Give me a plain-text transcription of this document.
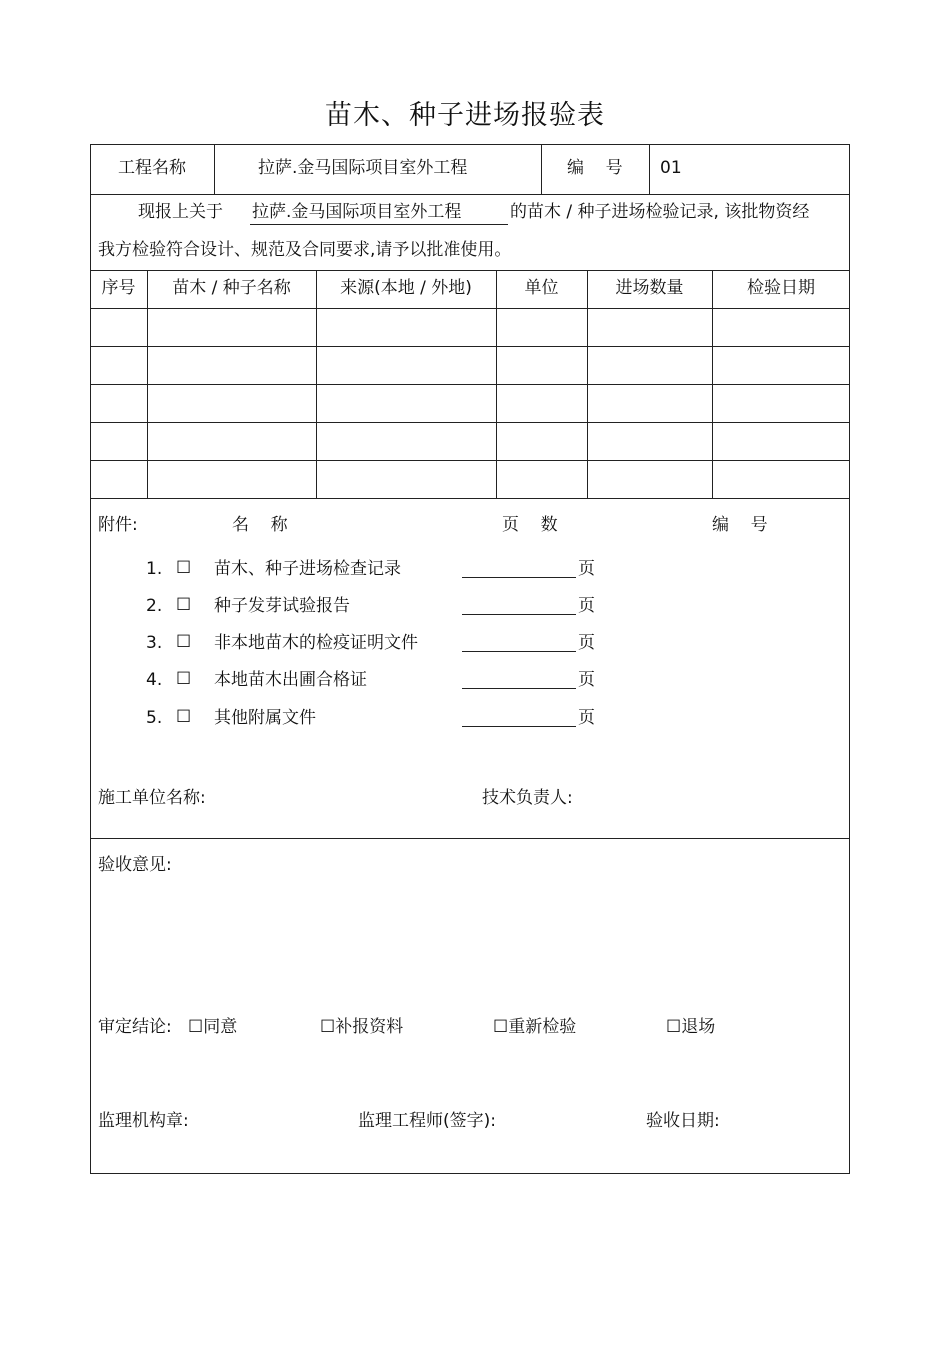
苗木、种子进场报验表
工程名称	拉萨.金马国际项目室外工程	编    号 01
现报上关于 拉萨.金马国际项目室外工程	的苗木 / 种子进场检验记录, 该批物资经
我方检验符合设计、规范及合同要求,请予以批准使用。
序号	苗木 / 种子名称	来源(本地 / 外地)	单位	进场数量	检验日期
附件:	名    称	页    数	编    号
1. ☐ 苗木、种子进场检查记录	页
2. ☐ 种子发芽试验报告	页
3. ☐ 非本地苗木的检疫证明文件	页
4. ☐ 本地苗木出圃合格证	页
5. ☐ 其他附属文件	页
施工单位名称:	技术负责人:
验收意见:
审定结论: ☐同意	☐补报资料	☐重新检验	☐退场
监理机构章:	监理工程师(签字):	验收日期:
